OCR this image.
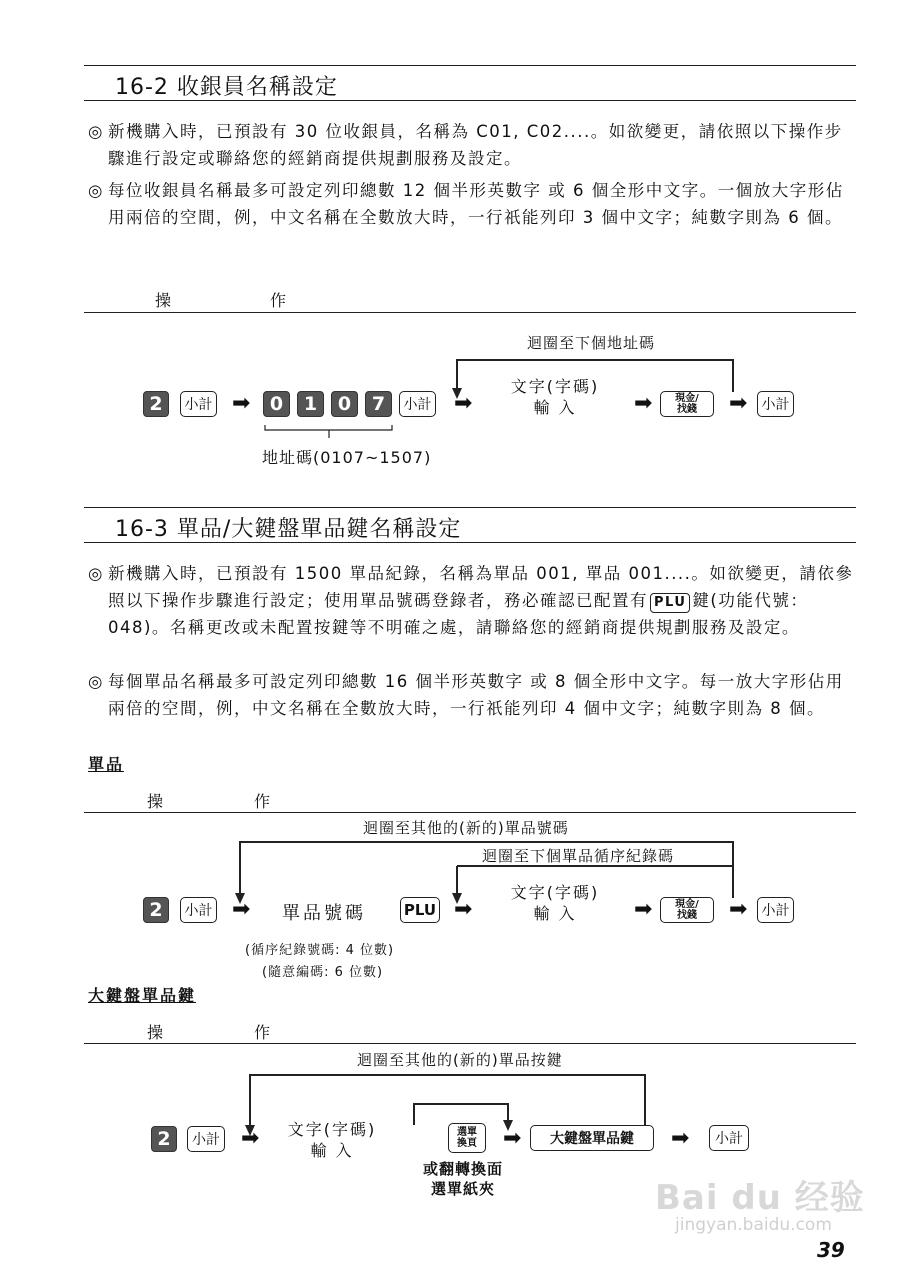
16-2 收銀員名稱設定
◎ 新機購入時，已預設有 30 位收銀員，名稱為 C01, C02....。如欲變更，請依照以下操作步驟進行設定或聯絡您的經銷商提供規劃服務及設定。
◎ 每位收銀員名稱最多可設定列印總數 12 個半形英數字 或 6 個全形中文字。一個放大字形佔用兩倍的空間，例，中文名稱在全數放大時，一行祇能列印 3 個中文字；純數字則為 6 個。
操	作
迴圈至下個地址碼
2	小計 ➡	0	1	0	7	小計 ➡
文字(字碼)
輸 入	➡ 現金/
找錢 ➡	小計
地址碼(0107~1507)
16-3 單品/大鍵盤單品鍵名稱設定
◎ 新機購入時，已預設有 1500 單品紀錄，名稱為單品 001, 單品 001....。如欲變更，請依參照以下操作步驟進行設定；使用單品號碼登錄者，務必確認已配置有 PLU 鍵(功能代號：048)。名稱更改或未配置按鍵等不明確之處，請聯絡您的經銷商提供規劃服務及設定。
◎ 每個單品名稱最多可設定列印總數 16 個半形英數字 或 8 個全形中文字。每一放大字形佔用兩倍的空間，例，中文名稱在全數放大時，一行祇能列印 4 個中文字；純數字則為 8 個。
單品
操	作
迴圈至其他的(新的)單品號碼
迴圈至下個單品循序紀錄碼
2	小計 ➡ 單品號碼	PLU ➡
文字(字碼)
輸 入	➡ 現金/
找錢 ➡	小計
(循序紀錄號碼: 4 位數)
(隨意編碼: 6 位數)
大鍵盤單品鍵
操	作
迴圈至其他的(新的)單品按鍵
2	小計 ➡	文字(字碼)
輸 入
選單
換頁 ➡	大鍵盤單品鍵	➡	小計
或翻轉換面
選單紙夾	Bai du 经验
jingyan.baidu.com
39
